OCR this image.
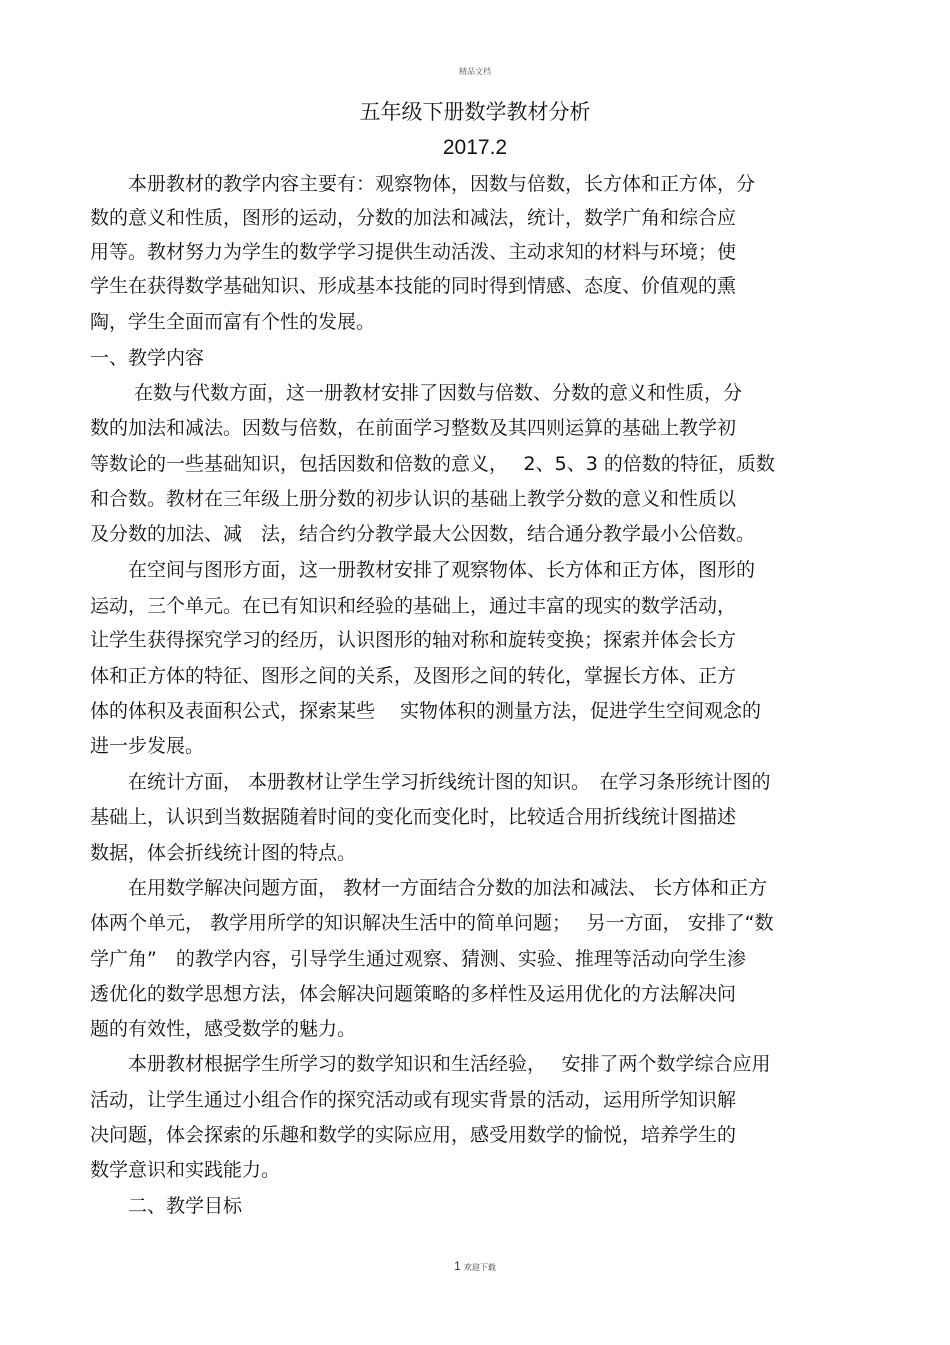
精品文档
五年级下册数学教材分析
2017.2
　　本册教材的教学内容主要有：观察物体，因数与倍数，长方体和正方体，分
数的意义和性质，图形的运动，分数的加法和减法，统计，数学广角和综合应
用等。教材努力为学生的数学学习提供生动活泼、主动求知的材料与环境；使
学生在获得数学基础知识、形成基本技能的同时得到情感、态度、价值观的熏
陶，学生全面而富有个性的发展。
一、教学内容
　　 在数与代数方面，这一册教材安排了因数与倍数、分数的意义和性质，分
数的加法和减法。因数与倍数，在前面学习整数及其四则运算的基础上教学初
等数论的一些基础知识，包括因数和倍数的意义，　 2、5、3 的倍数的特征，质数
和合数。教材在三年级上册分数的初步认识的基础上教学分数的意义和性质以
及分数的加法、减　法，结合约分教学最大公因数，结合通分教学最小公倍数。
　　在空间与图形方面，这一册教材安排了观察物体、长方体和正方体，图形的
运动，三个单元。在已有知识和经验的基础上，通过丰富的现实的数学活动，
让学生获得探究学习的经历，认识图形的轴对称和旋转变换；探索并体会长方
体和正方体的特征、图形之间的关系，及图形之间的转化，掌握长方体、正方
体的体积及表面积公式，探索某些　 实物体积的测量方法，促进学生空间观念的
进一步发展。
　　在统计方面， 本册教材让学生学习折线统计图的知识。　在学习条形统计图的
基础上，认识到当数据随着时间的变化而变化时，比较适合用折线统计图描述
数据，体会折线统计图的特点。
　　在用数学解决问题方面， 教材一方面结合分数的加法和减法、 长方体和正方
体两个单元， 教学用所学的知识解决生活中的简单问题；　 另一方面， 安排了“数
学广角”　的教学内容，引导学生通过观察、猜测、实验、推理等活动向学生渗
透优化的数学思想方法，体会解决问题策略的多样性及运用优化的方法解决问
题的有效性，感受数学的魅力。
　　本册教材根据学生所学习的数学知识和生活经验，　 安排了两个数学综合应用
活动，让学生通过小组合作的探究活动或有现实背景的活动，运用所学知识解
决问题，体会探索的乐趣和数学的实际应用，感受用数学的愉悦，培养学生的
数学意识和实践能力。
　　二、教学目标
1 欢迎下载
